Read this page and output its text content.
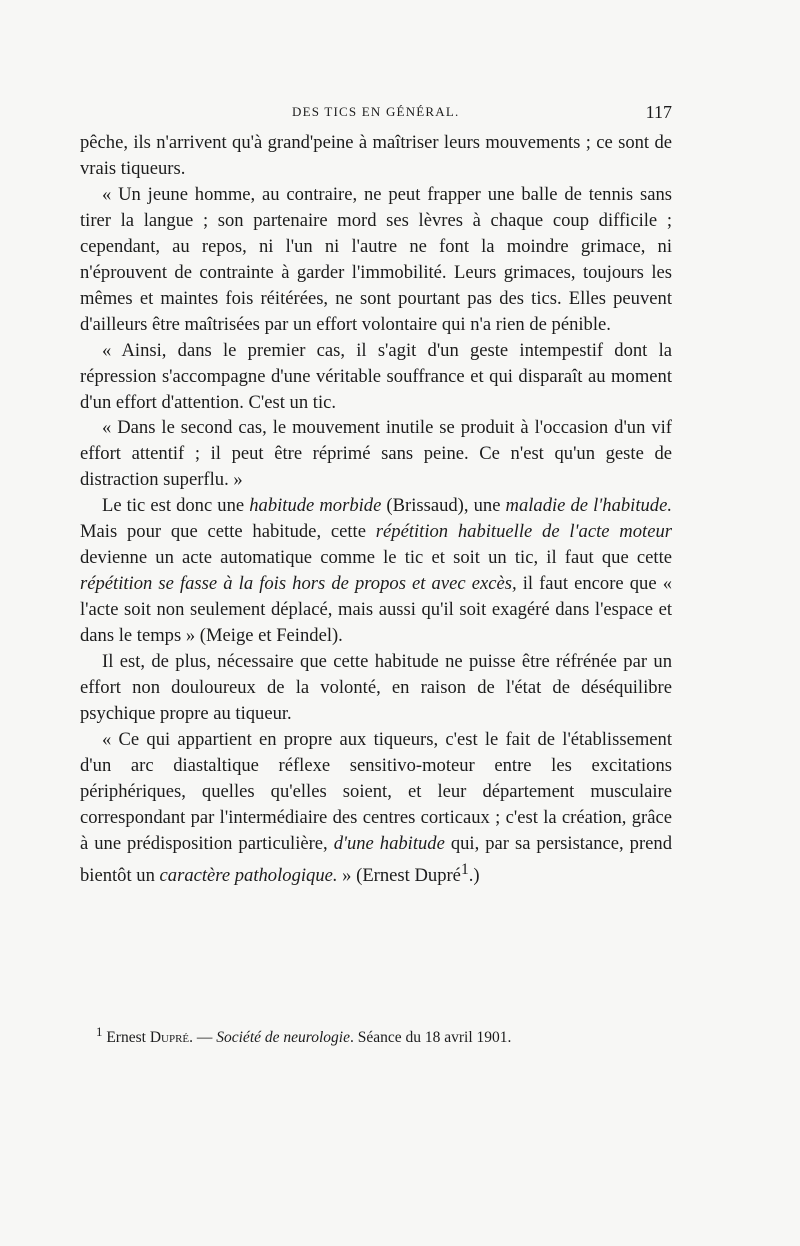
DES TICS EN GÉNÉRAL.	117

pêche, ils n'arrivent qu'à grand'peine à maîtriser leurs mouvements ; ce sont de vrais tiqueurs.

« Un jeune homme, au contraire, ne peut frapper une balle de tennis sans tirer la langue ; son partenaire mord ses lèvres à chaque coup difficile ; cependant, au repos, ni l'un ni l'autre ne font la moindre grimace, ni n'éprouvent de contrainte à garder l'immobilité. Leurs grimaces, toujours les mêmes et maintes fois réitérées, ne sont pourtant pas des tics. Elles peuvent d'ailleurs être maîtrisées par un effort volontaire qui n'a rien de pénible.

« Ainsi, dans le premier cas, il s'agit d'un geste intempestif dont la répression s'accompagne d'une véritable souffrance et qui disparaît au moment d'un effort d'attention. C'est un tic.

« Dans le second cas, le mouvement inutile se produit à l'occasion d'un vif effort attentif ; il peut être réprimé sans peine. Ce n'est qu'un geste de distraction superflu. »

Le tic est donc une habitude morbide (Brissaud), une maladie de l'habitude. Mais pour que cette habitude, cette répétition habituelle de l'acte moteur devienne un acte automatique comme le tic et soit un tic, il faut que cette répétition se fasse à la fois hors de propos et avec excès, il faut encore que « l'acte soit non seulement déplacé, mais aussi qu'il soit exagéré dans l'espace et dans le temps » (Meige et Feindel).

Il est, de plus, nécessaire que cette habitude ne puisse être réfrénée par un effort non douloureux de la volonté, en raison de l'état de déséquilibre psychique propre au tiqueur.

« Ce qui appartient en propre aux tiqueurs, c'est le fait de l'établissement d'un arc diastaltique réflexe sensitivo-moteur entre les excitations périphériques, quelles qu'elles soient, et leur département musculaire correspondant par l'intermédiaire des centres corticaux ; c'est la création, grâce à une prédisposition particulière, d'une habitude qui, par sa persistance, prend bientôt un caractère pathologique. » (Ernest Dupré$^1$.)

$^1$ Ernest Dupré. — Société de neurologie. Séance du 18 avril 1901.
